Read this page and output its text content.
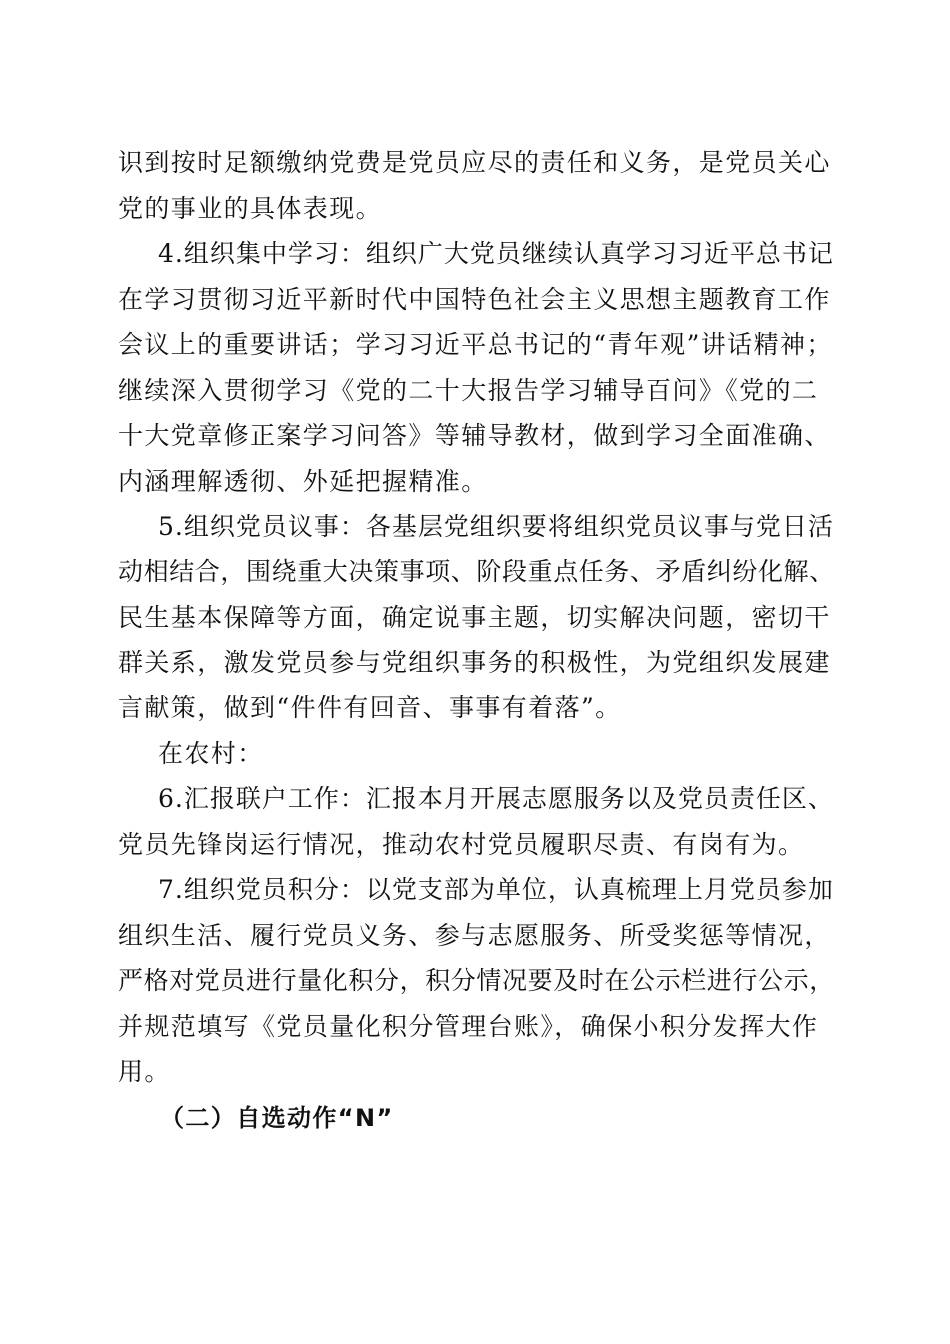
识到按时足额缴纳党费是党员应尽的责任和义务，是党员关心
党的事业的具体表现。
4.组织集中学习：组织广大党员继续认真学习习近平总书记
在学习贯彻习近平新时代中国特色社会主义思想主题教育工作
会议上的重要讲话；学习习近平总书记的“青年观”讲话精神；
继续深入贯彻学习《党的二十大报告学习辅导百问》《党的二
十大党章修正案学习问答》等辅导教材，做到学习全面准确、
内涵理解透彻、外延把握精准。
5.组织党员议事：各基层党组织要将组织党员议事与党日活
动相结合，围绕重大决策事项、阶段重点任务、矛盾纠纷化解、
民生基本保障等方面，确定说事主题，切实解决问题，密切干
群关系，激发党员参与党组织事务的积极性，为党组织发展建
言献策，做到“件件有回音、事事有着落”。
在农村：
6.汇报联户工作：汇报本月开展志愿服务以及党员责任区、
党员先锋岗运行情况，推动农村党员履职尽责、有岗有为。
7.组织党员积分：以党支部为单位，认真梳理上月党员参加
组织生活、履行党员义务、参与志愿服务、所受奖惩等情况，
严格对党员进行量化积分，积分情况要及时在公示栏进行公示，
并规范填写《党员量化积分管理台账》，确保小积分发挥大作
用。
（二）自选动作“N”
